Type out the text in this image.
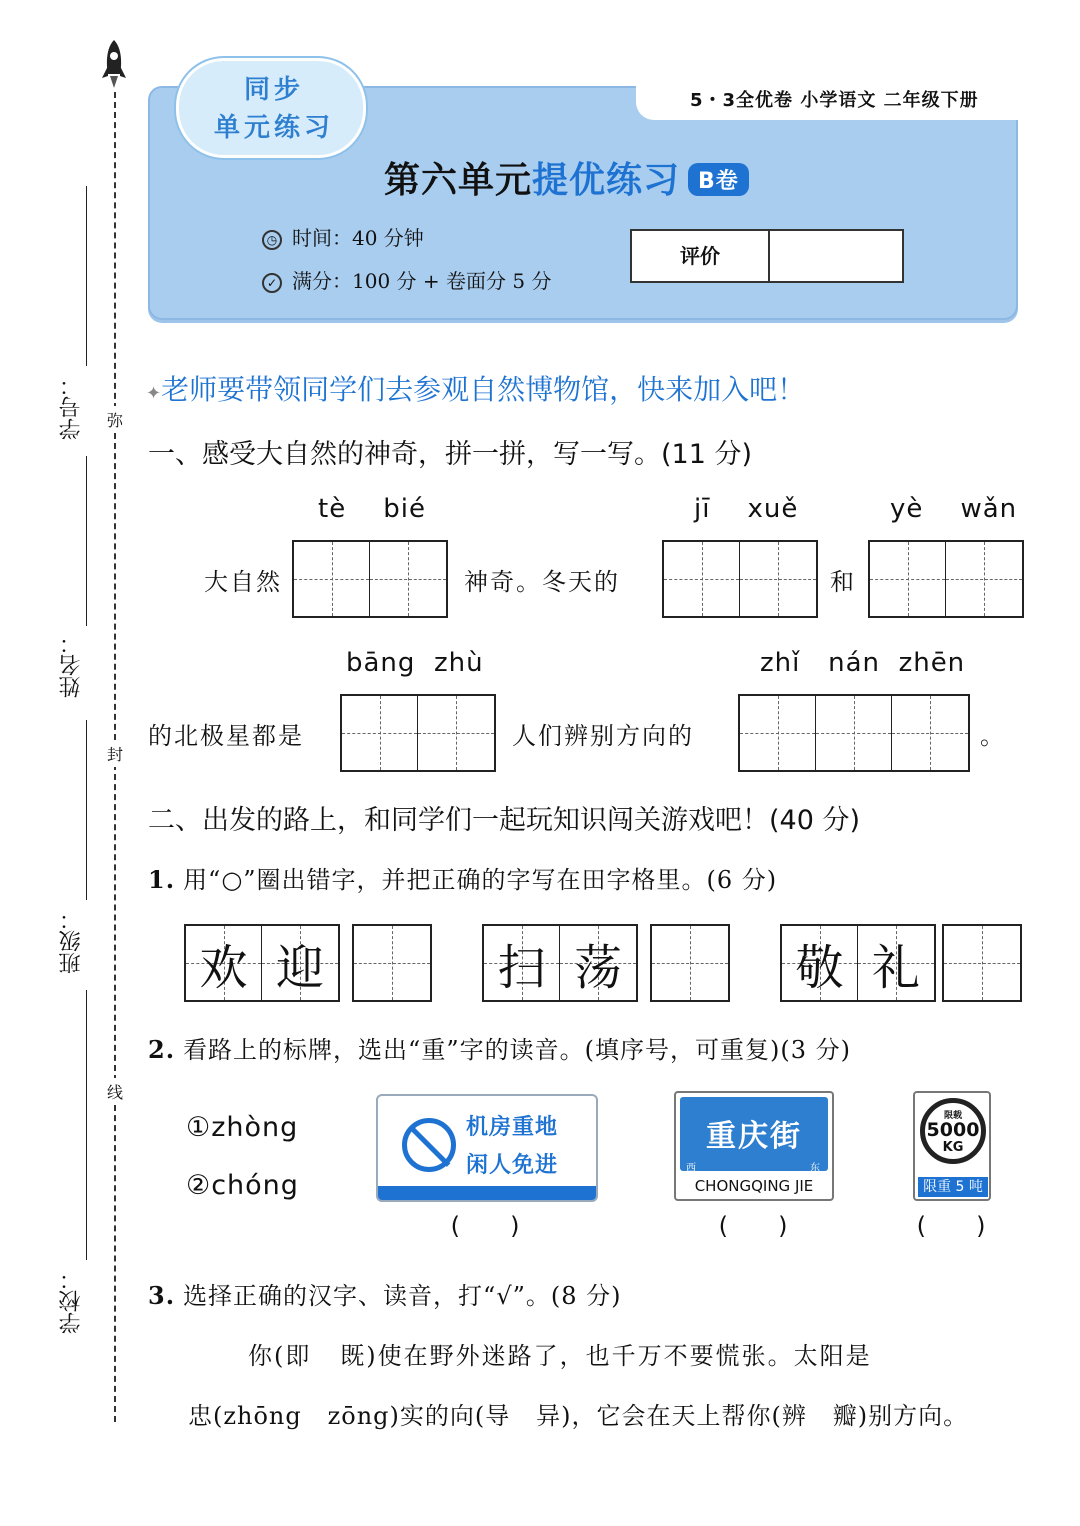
学号：
姓名：
班级：
学校：
弥
封
线
5・3全优卷 小学语文 二年级下册
同步
单元练习
第六单元提优练习 B卷
◷ 时间：40 分钟
✓ 满分：100 分 + 卷面分 5 分
评价
✦老师要带领同学们去参观自然博物馆，快来加入吧！
一、感受大自然的神奇，拼一拼，写一写。(11 分)
tè    bié	jī    xuě	yè    wǎn
大自然	神奇。冬天的	和
bāng  zhù	zhǐ   nán  zhēn
的北极星都是	人们辨别方向的	。
二、出发的路上，和同学们一起玩知识闯关游戏吧！(40 分)
1. 用“○”圈出错字，并把正确的字写在田字格里。(6 分)
欢 迎	扫 荡	敬 礼
2. 看路上的标牌，选出“重”字的读音。(填序号，可重复)(3 分)
①zhòng
②chóng
机房重地
闲人免进
重庆街
西	东
CHONGQING JIE
限载
5000
KG
限重 5 吨
(     )	(     )	(     )
3. 选择正确的汉字、读音，打“√”。(8 分)
你(即   既)使在野外迷路了，也千万不要慌张。太阳是
忠(zhōng   zōng)实的向(导   异)，它会在天上帮你(辨   瓣)别方向。
